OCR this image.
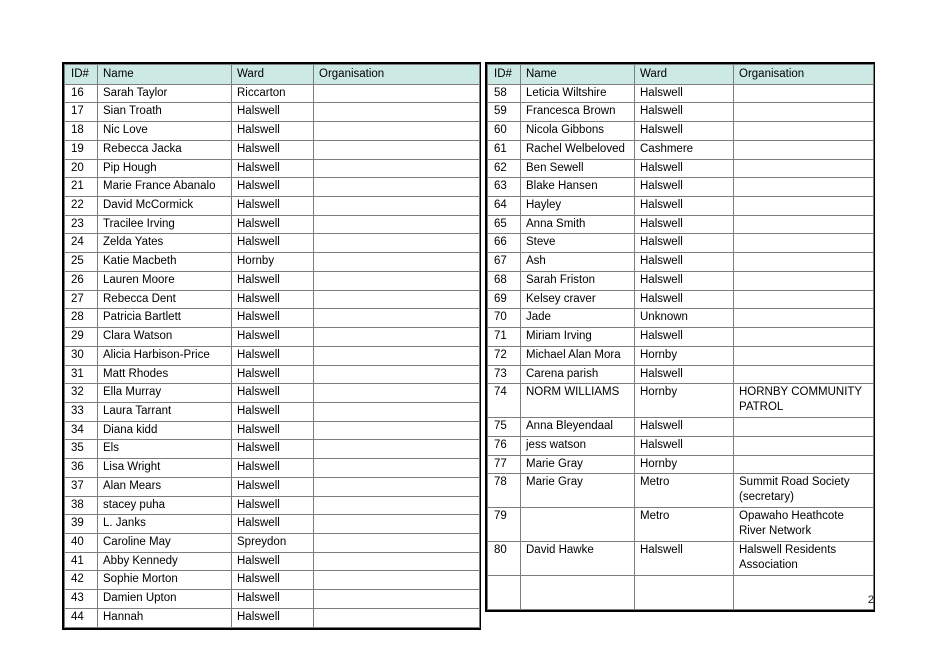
ID#	Name	Ward	Organisation
16	Sarah Taylor	Riccarton	
17	Sian Troath	Halswell	
18	Nic Love	Halswell	
19	Rebecca Jacka	Halswell	
20	Pip Hough	Halswell	
21	Marie France Abanalo	Halswell	
22	David McCormick	Halswell	
23	Tracilee Irving	Halswell	
24	Zelda Yates	Halswell	
25	Katie Macbeth	Hornby	
26	Lauren Moore	Halswell	
27	Rebecca Dent	Halswell	
28	Patricia Bartlett	Halswell	
29	Clara Watson	Halswell	
30	Alicia Harbison-Price	Halswell	
31	Matt Rhodes	Halswell	
32	Ella Murray	Halswell	
33	Laura Tarrant	Halswell	
34	Diana kidd	Halswell	
35	Els	Halswell	
36	Lisa Wright	Halswell	
37	Alan Mears	Halswell	
38	stacey puha	Halswell	
39	L. Janks	Halswell	
40	Caroline May	Spreydon	
41	Abby Kennedy	Halswell	
42	Sophie Morton	Halswell	
43	Damien Upton	Halswell	
44	Hannah	Halswell	
ID#	Name	Ward	Organisation
58	Leticia Wiltshire	Halswell	
59	Francesca Brown	Halswell	
60	Nicola Gibbons	Halswell	
61	Rachel Welbeloved	Cashmere	
62	Ben Sewell	Halswell	
63	Blake Hansen	Halswell	
64	Hayley	Halswell	
65	Anna Smith	Halswell	
66	Steve	Halswell	
67	Ash	Halswell	
68	Sarah Friston	Halswell	
69	Kelsey craver	Halswell	
70	Jade	Unknown	
71	Miriam Irving	Halswell	
72	Michael Alan Mora	Hornby	
73	Carena parish	Halswell	
74	NORM WILLIAMS	Hornby	HORNBY COMMUNITY PATROL
75	Anna Bleyendaal	Halswell	
76	jess watson	Halswell	
77	Marie Gray	Hornby	
78	Marie Gray	Metro	Summit Road Society (secretary)
79		Metro	Opawaho Heathcote River Network
80	David Hawke	Halswell	Halswell Residents Association

2
